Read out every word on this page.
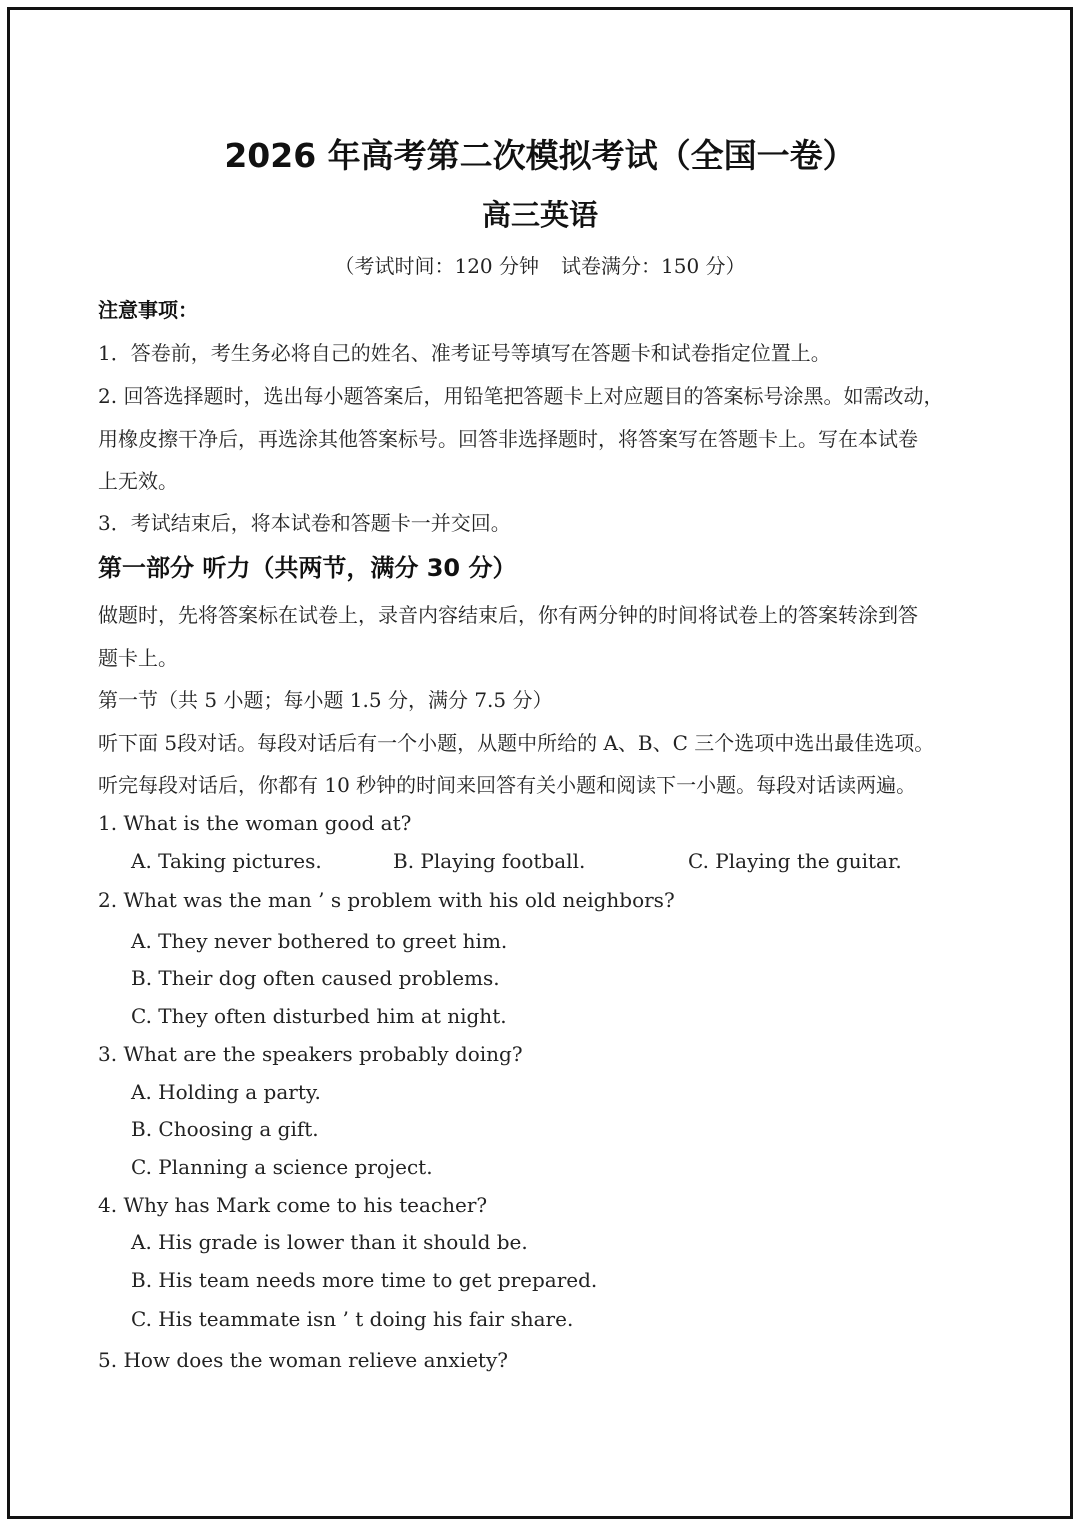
2026 年高考第二次模拟考试（全国一卷）
高三英语
（考试时间：120 分钟 试卷满分：150 分）
注意事项：
1．答卷前，考生务必将自己的姓名、准考证号等填写在答题卡和试卷指定位置上。
2. 回答选择题时，选出每小题答案后，用铅笔把答题卡上对应题目的答案标号涂黑。如需改动，
用橡皮擦干净后，再选涂其他答案标号。回答非选择题时，将答案写在答题卡上。写在本试卷
上无效。
3．考试结束后，将本试卷和答题卡一并交回。
第一部分 听力（共两节，满分 30 分）
做题时，先将答案标在试卷上，录音内容结束后，你有两分钟的时间将试卷上的答案转涂到答
题卡上。
第一节（共 5 小题；每小题 1.5 分，满分 7.5 分）
听下面 5段对话。每段对话后有一个小题，从题中所给的 A、B、C 三个选项中选出最佳选项。
听完每段对话后，你都有 10 秒钟的时间来回答有关小题和阅读下一小题。每段对话读两遍。
1. What is the woman good at?
A. Taking pictures.	B. Playing football.	C. Playing the guitar.
2. What was the man ’ s problem with his old neighbors?
A. They never bothered to greet him.
B. Their dog often caused problems.
C. They often disturbed him at night.
3. What are the speakers probably doing?
A. Holding a party.
B. Choosing a gift.
C. Planning a science project.
4. Why has Mark come to his teacher?
A. His grade is lower than it should be.
B. His team needs more time to get prepared.
C. His teammate isn ’ t doing his fair share.
5. How does the woman relieve anxiety?
